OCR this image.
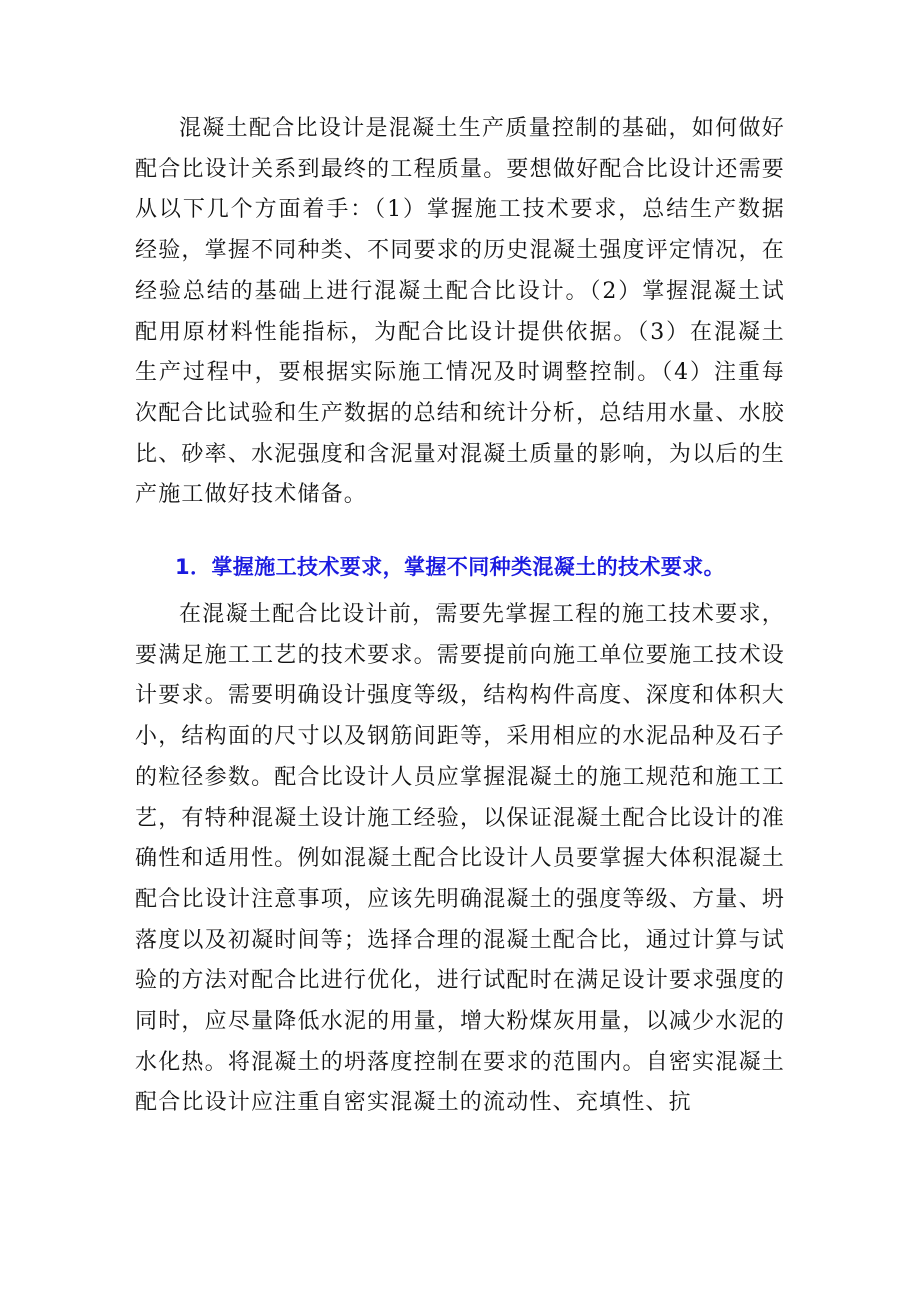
混凝土配合比设计是混凝土生产质量控制的基础，如何做好配合比设计关系到最终的工程质量。要想做好配合比设计还需要从以下几个方面着手：（1）掌握施工技术要求，总结生产数据经验，掌握不同种类、不同要求的历史混凝土强度评定情况，在经验总结的基础上进行混凝土配合比设计。（2）掌握混凝土试配用原材料性能指标，为配合比设计提供依据。（3）在混凝土生产过程中，要根据实际施工情况及时调整控制。（4）注重每次配合比试验和生产数据的总结和统计分析，总结用水量、水胶比、砂率、水泥强度和含泥量对混凝土质量的影响，为以后的生产施工做好技术储备。

1．掌握施工技术要求，掌握不同种类混凝土的技术要求。

在混凝土配合比设计前，需要先掌握工程的施工技术要求，要满足施工工艺的技术要求。需要提前向施工单位要施工技术设计要求。需要明确设计强度等级，结构构件高度、深度和体积大小，结构面的尺寸以及钢筋间距等，采用相应的水泥品种及石子的粒径参数。配合比设计人员应掌握混凝土的施工规范和施工工艺，有特种混凝土设计施工经验，以保证混凝土配合比设计的准确性和适用性。例如混凝土配合比设计人员要掌握大体积混凝土配合比设计注意事项，应该先明确混凝土的强度等级、方量、坍落度以及初凝时间等；选择合理的混凝土配合比，通过计算与试验的方法对配合比进行优化，进行试配时在满足设计要求强度的同时，应尽量降低水泥的用量，增大粉煤灰用量，以减少水泥的水化热。将混凝土的坍落度控制在要求的范围内。自密实混凝土配合比设计应注重自密实混凝土的流动性、充填性、抗
